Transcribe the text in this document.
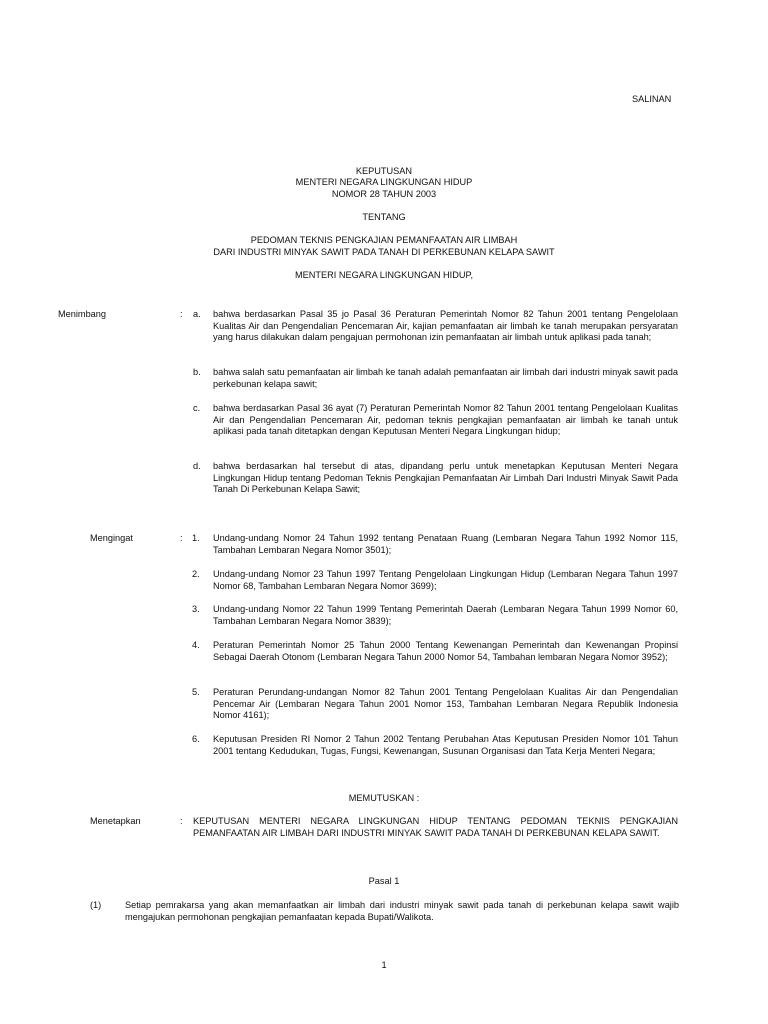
SALINAN
KEPUTUSAN
MENTERI NEGARA LINGKUNGAN HIDUP
NOMOR 28 TAHUN 2003
TENTANG
PEDOMAN TEKNIS PENGKAJIAN PEMANFAATAN AIR LIMBAH
DARI INDUSTRI MINYAK SAWIT PADA TANAH DI PERKEBUNAN KELAPA SAWIT
MENTERI NEGARA LINGKUNGAN HIDUP,
Menimbang	: a. bahwa berdasarkan Pasal 35 jo Pasal 36 Peraturan Pemerintah Nomor 82 Tahun 2001 tentang Pengelolaan Kualitas Air dan Pengendalian Pencemaran Air, kajian pemanfaatan air limbah ke tanah merupakan persyaratan yang harus dilakukan dalam pengajuan permohonan izin pemanfaatan air limbah untuk aplikasi pada tanah;
b. bahwa salah satu pemanfaatan air limbah ke tanah adalah pemanfaatan air limbah dari industri minyak sawit pada perkebunan kelapa sawit;
c. bahwa berdasarkan Pasal 36 ayat (7) Peraturan Pemerintah Nomor 82 Tahun 2001 tentang Pengelolaan Kualitas Air dan Pengendalian Pencemaran Air, pedoman teknis pengkajian pemanfaatan air limbah ke tanah untuk aplikasi pada tanah ditetapkan dengan Keputusan Menteri Negara Lingkungan hidup;
d. bahwa berdasarkan hal tersebut di atas, dipandang perlu untuk menetapkan Keputusan Menteri Negara Lingkungan Hidup tentang Pedoman Teknis Pengkajian Pemanfaatan Air Limbah Dari Industri Minyak Sawit Pada Tanah Di Perkebunan Kelapa Sawit;
Mengingat	: 1. Undang-undang Nomor 24 Tahun 1992 tentang Penataan Ruang (Lembaran Negara Tahun 1992 Nomor 115, Tambahan Lembaran Negara Nomor 3501);
2. Undang-undang Nomor 23 Tahun 1997 Tentang Pengelolaan Lingkungan Hidup (Lembaran Negara Tahun 1997 Nomor 68, Tambahan Lembaran Negara Nomor 3699);
3. Undang-undang Nomor 22 Tahun 1999 Tentang Pemerintah Daerah (Lembaran Negara Tahun 1999 Nomor 60, Tambahan Lembaran Negara Nomor 3839);
4. Peraturan Pemerintah Nomor 25 Tahun 2000 Tentang Kewenangan Pemerintah dan Kewenangan Propinsi Sebagai Daerah Otonom (Lembaran Negara Tahun 2000 Nomor 54, Tambahan lembaran Negara Nomor 3952);
5. Peraturan Perundang-undangan Nomor 82 Tahun 2001 Tentang Pengelolaan Kualitas Air dan Pengendalian Pencemar Air (Lembaran Negara Tahun 2001 Nomor 153, Tambahan Lembaran Negara Republik Indonesia Nomor 4161);
6. Keputusan Presiden RI Nomor 2 Tahun 2002 Tentang Perubahan Atas Keputusan Presiden Nomor 101 Tahun 2001 tentang Kedudukan, Tugas, Fungsi, Kewenangan, Susunan Organisasi dan Tata Kerja Menteri Negara;
MEMUTUSKAN :
Menetapkan	: KEPUTUSAN MENTERI NEGARA LINGKUNGAN HIDUP TENTANG PEDOMAN TEKNIS PENGKAJIAN PEMANFAATAN AIR LIMBAH DARI INDUSTRI MINYAK SAWIT PADA TANAH DI PERKEBUNAN KELAPA SAWIT.
Pasal 1
(1)	Setiap pemrakarsa yang akan memanfaatkan air limbah dari industri minyak sawit pada tanah di perkebunan kelapa sawit wajib mengajukan permohonan pengkajian pemanfaatan kepada Bupati/Walikota.
1
